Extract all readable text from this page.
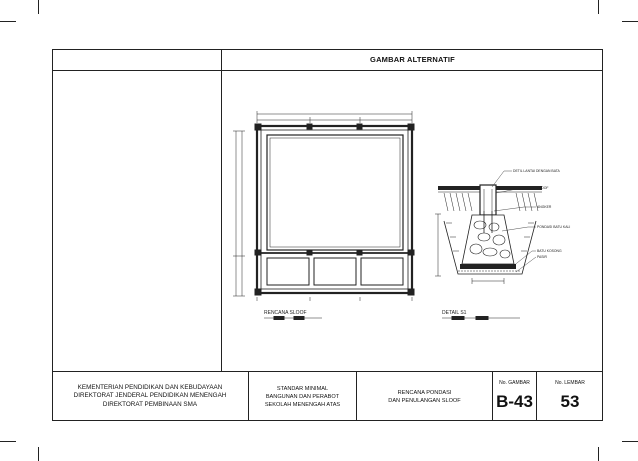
GAMBAR ALTERNATIF
RENCANA SLOOF
DETIL LANTAI DENGAN BATA
SLOOF
ANGKER
PONDASI BATU KALI
BATU KOSONG
PASIR
DETAIL S1
KEMENTERIAN PENDIDIKAN DAN KEBUDAYAAN
DIREKTORAT JENDERAL PENDIDIKAN MENENGAH
DIREKTORAT PEMBINAAN SMA
STANDAR MINIMAL
BANGUNAN DAN PERABOT
SEKOLAH MENENGAH ATAS
RENCANA PONDASI
DAN PENULANGAN SLOOF
No. GAMBAR
B-43
No. LEMBAR
53
